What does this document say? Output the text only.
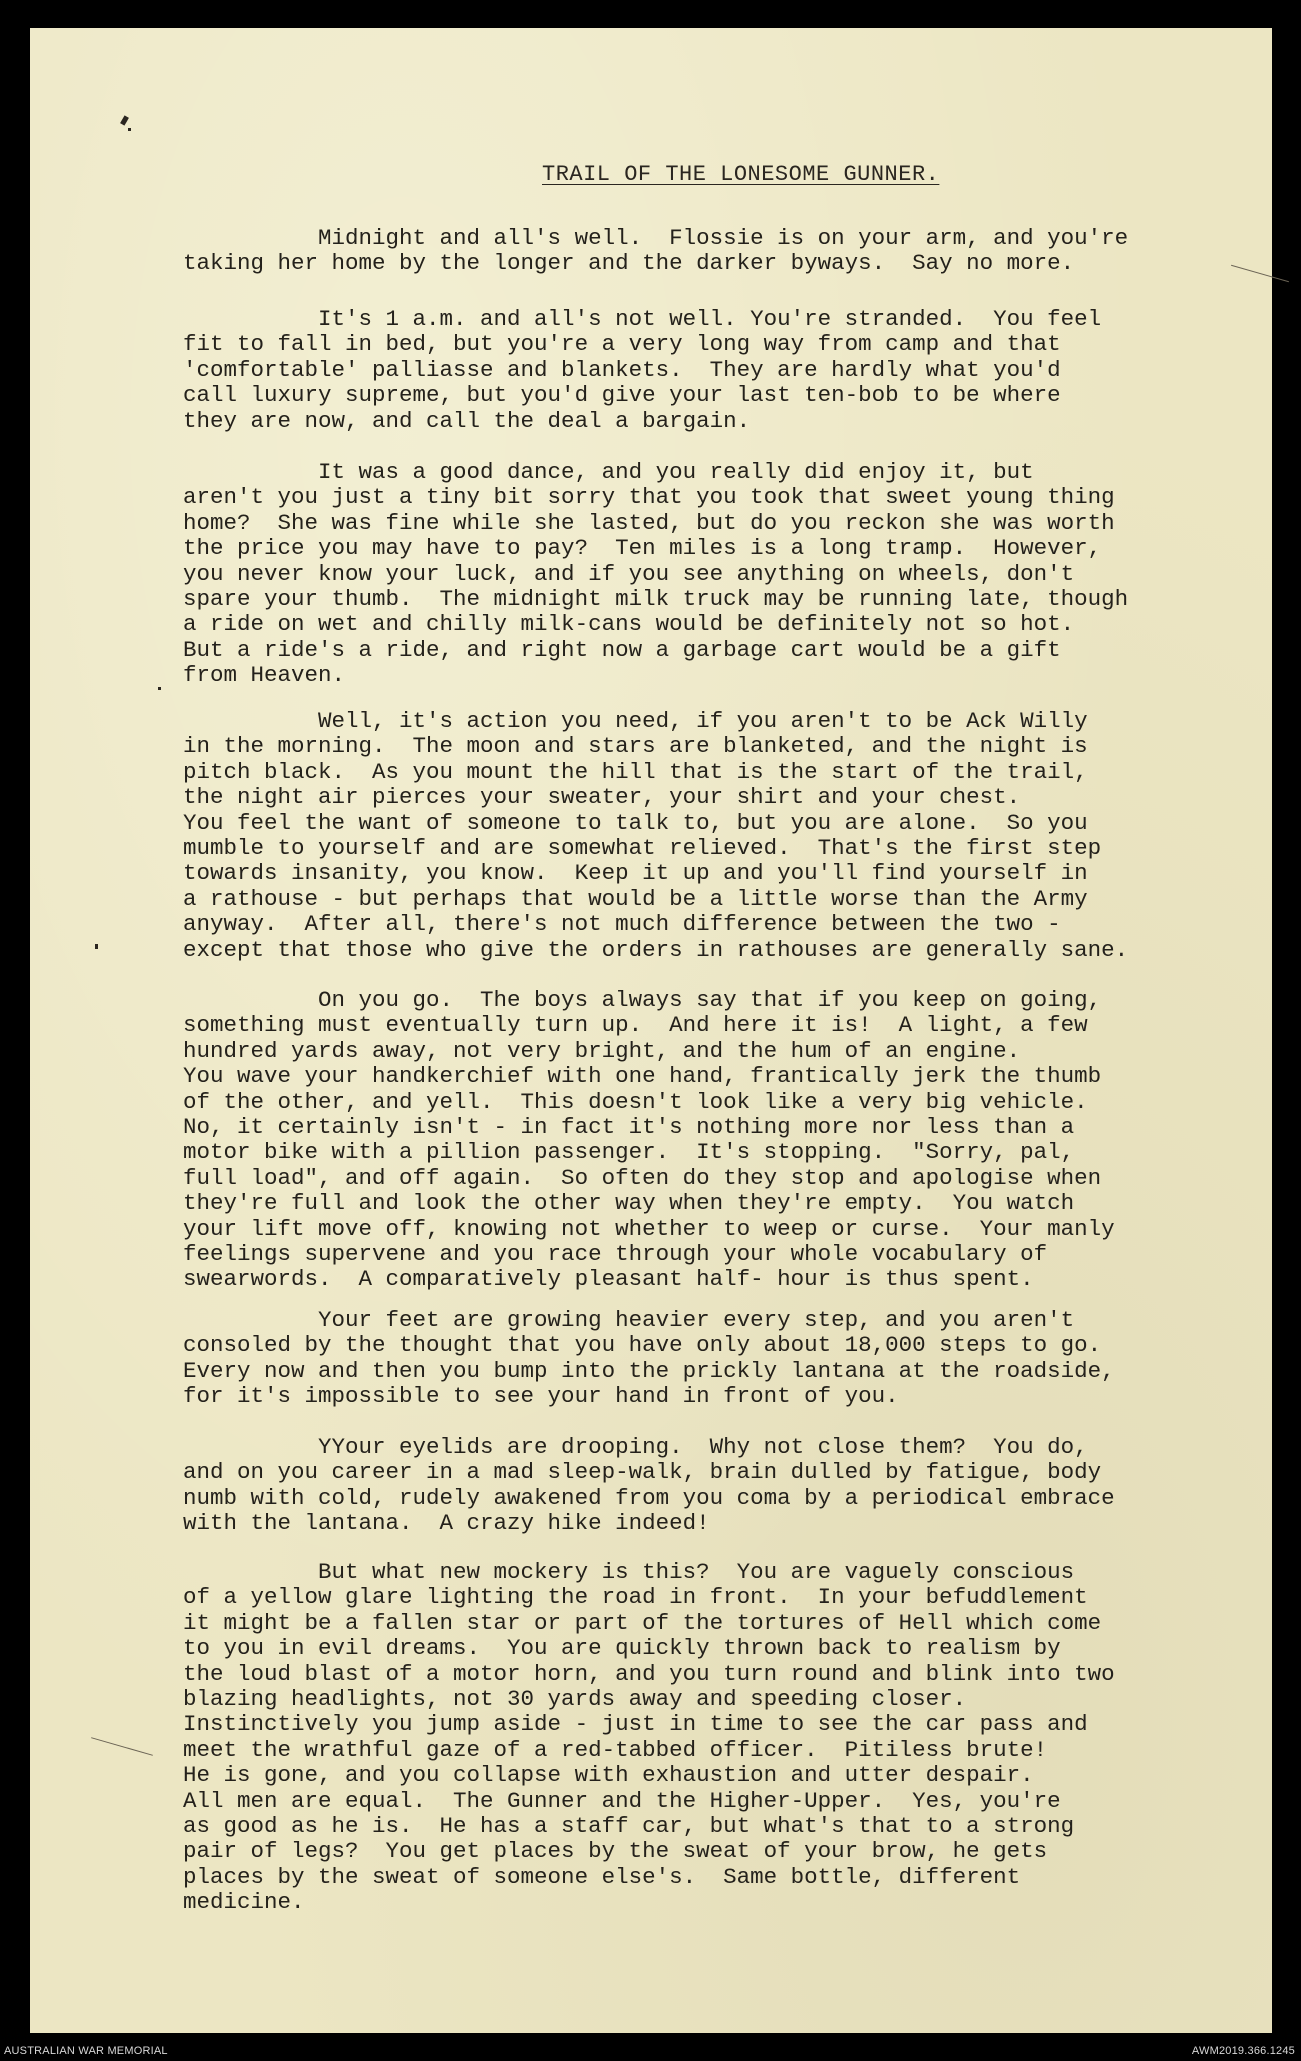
TRAIL OF THE LONESOME GUNNER.
Midnight and all's well.  Flossie is on your arm, and you're
taking her home by the longer and the darker byways.  Say no more.
It's 1 a.m. and all's not well. You're stranded.  You feel
fit to fall in bed, but you're a very long way from camp and that
'comfortable' palliasse and blankets.  They are hardly what you'd
call luxury supreme, but you'd give your last ten-bob to be where
they are now, and call the deal a bargain.
It was a good dance, and you really did enjoy it, but
aren't you just a tiny bit sorry that you took that sweet young thing
home?  She was fine while she lasted, but do you reckon she was worth
the price you may have to pay?  Ten miles is a long tramp.  However,
you never know your luck, and if you see anything on wheels, don't
spare your thumb.  The midnight milk truck may be running late, though
a ride on wet and chilly milk-cans would be definitely not so hot.
But a ride's a ride, and right now a garbage cart would be a gift
from Heaven.
Well, it's action you need, if you aren't to be Ack Willy
in the morning.  The moon and stars are blanketed, and the night is
pitch black.  As you mount the hill that is the start of the trail,
the night air pierces your sweater, your shirt and your chest.
You feel the want of someone to talk to, but you are alone.  So you
mumble to yourself and are somewhat relieved.  That's the first step
towards insanity, you know.  Keep it up and you'll find yourself in
a rathouse - but perhaps that would be a little worse than the Army
anyway.  After all, there's not much difference between the two -
except that those who give the orders in rathouses are generally sane.
On you go.  The boys always say that if you keep on going,
something must eventually turn up.  And here it is!  A light, a few
hundred yards away, not very bright, and the hum of an engine.
You wave your handkerchief with one hand, frantically jerk the thumb
of the other, and yell.  This doesn't look like a very big vehicle.
No, it certainly isn't - in fact it's nothing more nor less than a
motor bike with a pillion passenger.  It's stopping.  "Sorry, pal,
full load", and off again.  So often do they stop and apologise when
they're full and look the other way when they're empty.  You watch
your lift move off, knowing not whether to weep or curse.  Your manly
feelings supervene and you race through your whole vocabulary of
swearwords.  A comparatively pleasant half- hour is thus spent.
Your feet are growing heavier every step, and you aren't
consoled by the thought that you have only about 18,000 steps to go.
Every now and then you bump into the prickly lantana at the roadside,
for it's impossible to see your hand in front of you.
YYour eyelids are drooping.  Why not close them?  You do,
and on you career in a mad sleep-walk, brain dulled by fatigue, body
numb with cold, rudely awakened from you coma by a periodical embrace
with the lantana.  A crazy hike indeed!
But what new mockery is this?  You are vaguely conscious
of a yellow glare lighting the road in front.  In your befuddlement
it might be a fallen star or part of the tortures of Hell which come
to you in evil dreams.  You are quickly thrown back to realism by
the loud blast of a motor horn, and you turn round and blink into two
blazing headlights, not 30 yards away and speeding closer.
Instinctively you jump aside - just in time to see the car pass and
meet the wrathful gaze of a red-tabbed officer.  Pitiless brute!
He is gone, and you collapse with exhaustion and utter despair.
All men are equal.  The Gunner and the Higher-Upper.  Yes, you're
as good as he is.  He has a staff car, but what's that to a strong
pair of legs?  You get places by the sweat of your brow, he gets
places by the sweat of someone else's.  Same bottle, different
medicine.
AUSTRALIAN WAR MEMORIAL	AWM2019.366.1245
